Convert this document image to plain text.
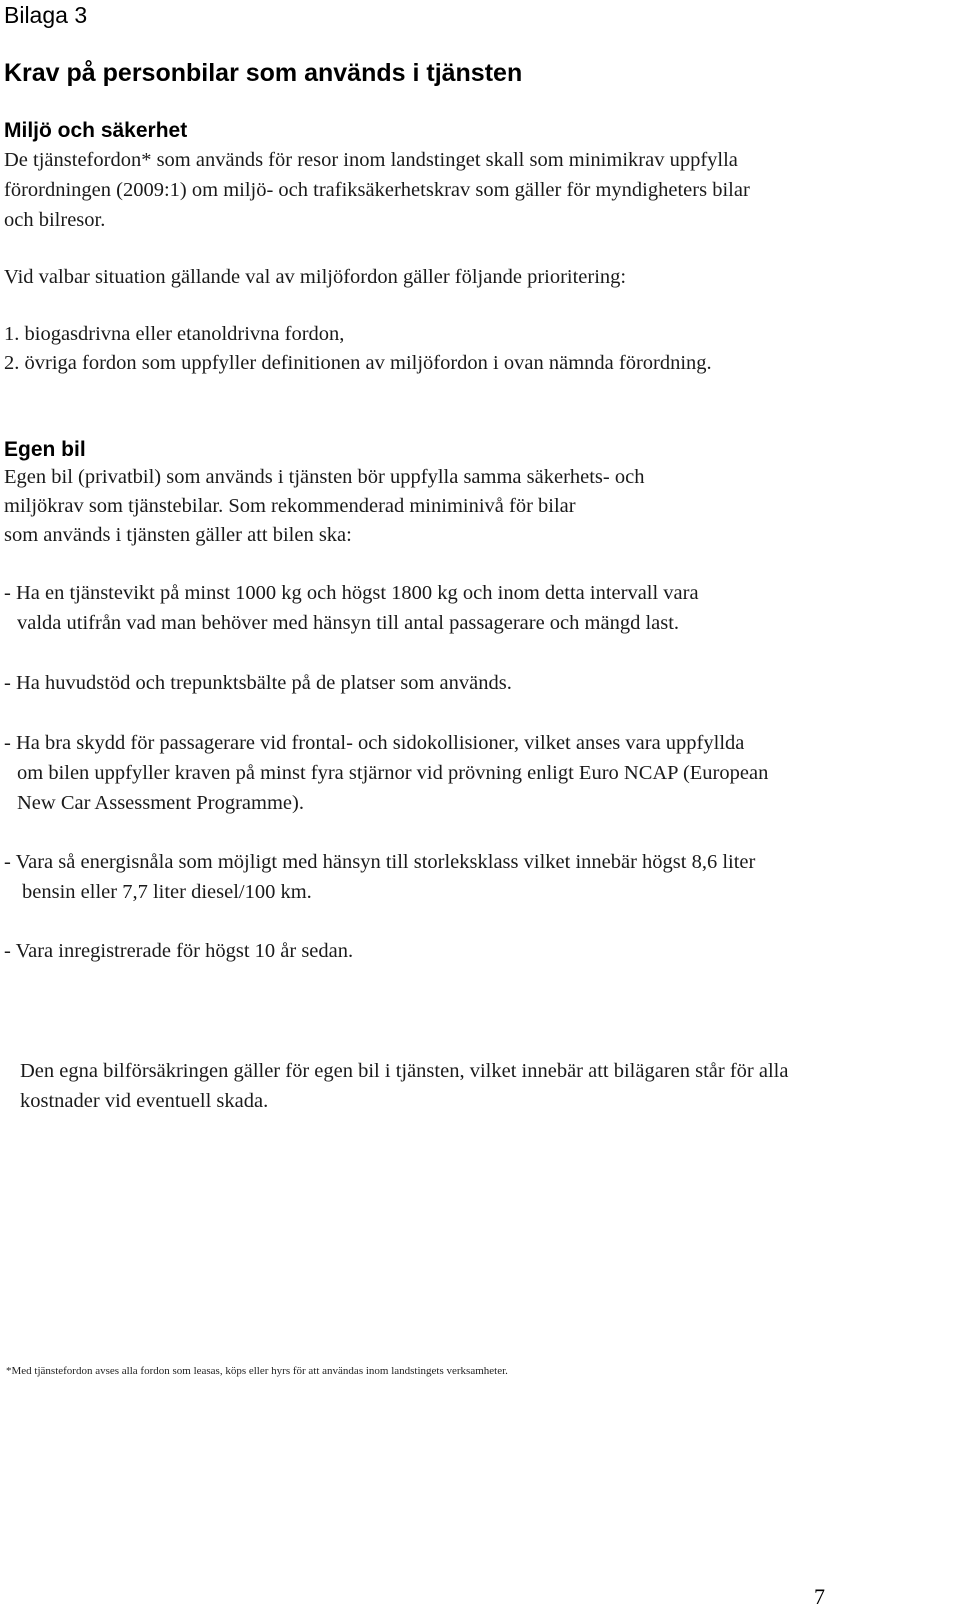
Bilaga 3

Krav på personbilar som används i tjänsten
Miljö och säkerhet

De tjänstefordon* som används för resor inom landstinget skall som minimikrav uppfylla

förordningen (2009:1) om miljö- och trafiksäkerhetskrav som gäller för myndigheters bilar

och bilresor.

Vid valbar situation gällande val av miljöfordon gäller följande prioritering:

1. biogasdrivna eller etanoldrivna fordon,

2. övriga fordon som uppfyller definitionen av miljöfordon i ovan nämnda förordning.

Egen bil

Egen bil (privatbil) som används i tjänsten bör uppfylla samma säkerhets- och

miljökrav som tjänstebilar. Som rekommenderad miniminivå för bilar

som används i tjänsten gäller att bilen ska:

- Ha en tjänstevikt på minst 1000 kg och högst 1800 kg och inom detta intervall vara

valda utifrån vad man behöver med hänsyn till antal passagerare och mängd last.

- Ha huvudstöd och trepunktsbälte på de platser som används.

- Ha bra skydd för passagerare vid frontal- och sidokollisioner, vilket anses vara uppfyllda

om bilen uppfyller kraven på minst fyra stjärnor vid prövning enligt Euro NCAP (European

New Car Assessment Programme).

- Vara så energisnåla som möjligt med hänsyn till storleksklass vilket innebär högst 8,6 liter

bensin eller 7,7 liter diesel/100 km.

- Vara inregistrerade för högst 10 år sedan.

Den egna bilförsäkringen gäller för egen bil i tjänsten, vilket innebär att bilägaren står för alla

kostnader vid eventuell skada.

*Med tjänstefordon avses alla fordon som leasas, köps eller hyrs för att användas inom landstingets verksamheter.

7
